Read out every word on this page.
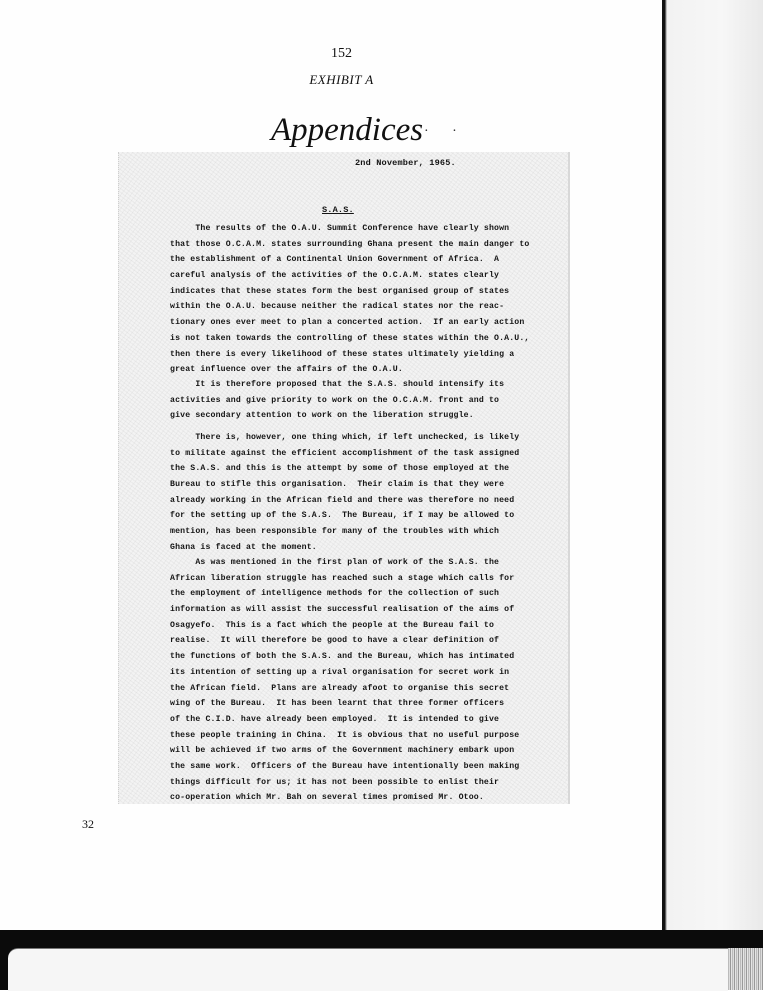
152
EXHIBIT A
Appendices · ·
2nd November, 1965.
S.A.S.
The results of the O.A.U. Summit Conference have clearly shown
that those O.C.A.M. states surrounding Ghana present the main danger to
the establishment of a Continental Union Government of Africa.  A
careful analysis of the activities of the O.C.A.M. states clearly
indicates that these states form the best organised group of states
within the O.A.U. because neither the radical states nor the reac-
tionary ones ever meet to plan a concerted action.  If an early action
is not taken towards the controlling of these states within the O.A.U.,
then there is every likelihood of these states ultimately yielding a
great influence over the affairs of the O.A.U.
It is therefore proposed that the S.A.S. should intensify its
activities and give priority to work on the O.C.A.M. front and to
give secondary attention to work on the liberation struggle.
There is, however, one thing which, if left unchecked, is likely
to militate against the efficient accomplishment of the task assigned
the S.A.S. and this is the attempt by some of those employed at the
Bureau to stifle this organisation.  Their claim is that they were
already working in the African field and there was therefore no need
for the setting up of the S.A.S.  The Bureau, if I may be allowed to
mention, has been responsible for many of the troubles with which
Ghana is faced at the moment.
As was mentioned in the first plan of work of the S.A.S. the
African liberation struggle has reached such a stage which calls for
the employment of intelligence methods for the collection of such
information as will assist the successful realisation of the aims of
Osagyefo.  This is a fact which the people at the Bureau fail to
realise.  It will therefore be good to have a clear definition of
the functions of both the S.A.S. and the Bureau, which has intimated
its intention of setting up a rival organisation for secret work in
the African field.  Plans are already afoot to organise this secret
wing of the Bureau.  It has been learnt that three former officers
of the C.I.D. have already been employed.  It is intended to give
these people training in China.  It is obvious that no useful purpose
will be achieved if two arms of the Government machinery embark upon
the same work.  Officers of the Bureau have intentionally been making
things difficult for us; it has not been possible to enlist their
co-operation which Mr. Bah on several times promised Mr. Otoo.
32
